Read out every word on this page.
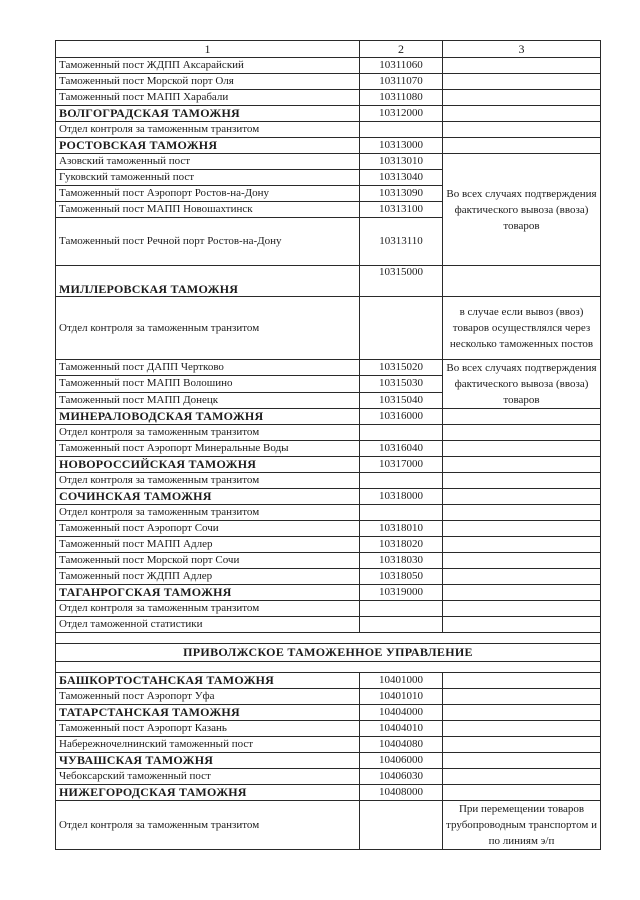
1	2	3
Таможенный пост ЖДПП Аксарайский	10311060	
Таможенный пост Морской порт Оля	10311070	
Таможенный пост МАПП Харабали	10311080	
ВОЛГОГРАДСКАЯ ТАМОЖНЯ	10312000	
Отдел контроля за таможенным транзитом		
РОСТОВСКАЯ ТАМОЖНЯ	10313000	
Азовский таможенный пост	10313010	Во всех случаях подтверждения фактического вывоза (ввоза) товаров
Гуковский таможенный пост	10313040	
Таможенный пост Аэропорт Ростов-на-Дону	10313090	
Таможенный пост МАПП Новошахтинск	10313100	
Таможенный пост Речной порт Ростов-на-Дону	10313110	
МИЛЛЕРОВСКАЯ ТАМОЖНЯ	10315000	
Отдел контроля за таможенным транзитом		в случае если вывоз (ввоз) товаров осуществлялся через несколько таможенных постов
Таможенный пост ДАПП Чертково	10315020	Во всех случаях подтверждения фактического вывоза (ввоза) товаров
Таможенный пост МАПП Волошино	10315030	
Таможенный пост МАПП Донецк	10315040	
МИНЕРАЛОВОДСКАЯ ТАМОЖНЯ	10316000	
Отдел контроля за таможенным транзитом		
Таможенный пост Аэропорт Минеральные Воды	10316040	
НОВОРОССИЙСКАЯ ТАМОЖНЯ	10317000	
Отдел контроля за таможенным транзитом		
СОЧИНСКАЯ ТАМОЖНЯ	10318000	
Отдел контроля за таможенным транзитом		
Таможенный пост Аэропорт Сочи	10318010	
Таможенный пост МАПП Адлер	10318020	
Таможенный пост Морской порт Сочи	10318030	
Таможенный пост ЖДПП Адлер	10318050	
ТАГАНРОГСКАЯ ТАМОЖНЯ	10319000	
Отдел контроля за таможенным транзитом		
Отдел таможенной статистики		

ПРИВОЛЖСКОЕ ТАМОЖЕННОЕ УПРАВЛЕНИЕ		

БАШКОРТОСТАНСКАЯ ТАМОЖНЯ	10401000	
Таможенный пост Аэропорт Уфа	10401010	
ТАТАРСТАНСКАЯ ТАМОЖНЯ	10404000	
Таможенный пост Аэропорт Казань	10404010	
Набережночелнинский таможенный пост	10404080	
ЧУВАШСКАЯ ТАМОЖНЯ	10406000	
Чебоксарский таможенный пост	10406030	
НИЖЕГОРОДСКАЯ ТАМОЖНЯ	10408000	
Отдел контроля за таможенным транзитом		При перемещении товаров трубопроводным транспортом и по линиям э/п
